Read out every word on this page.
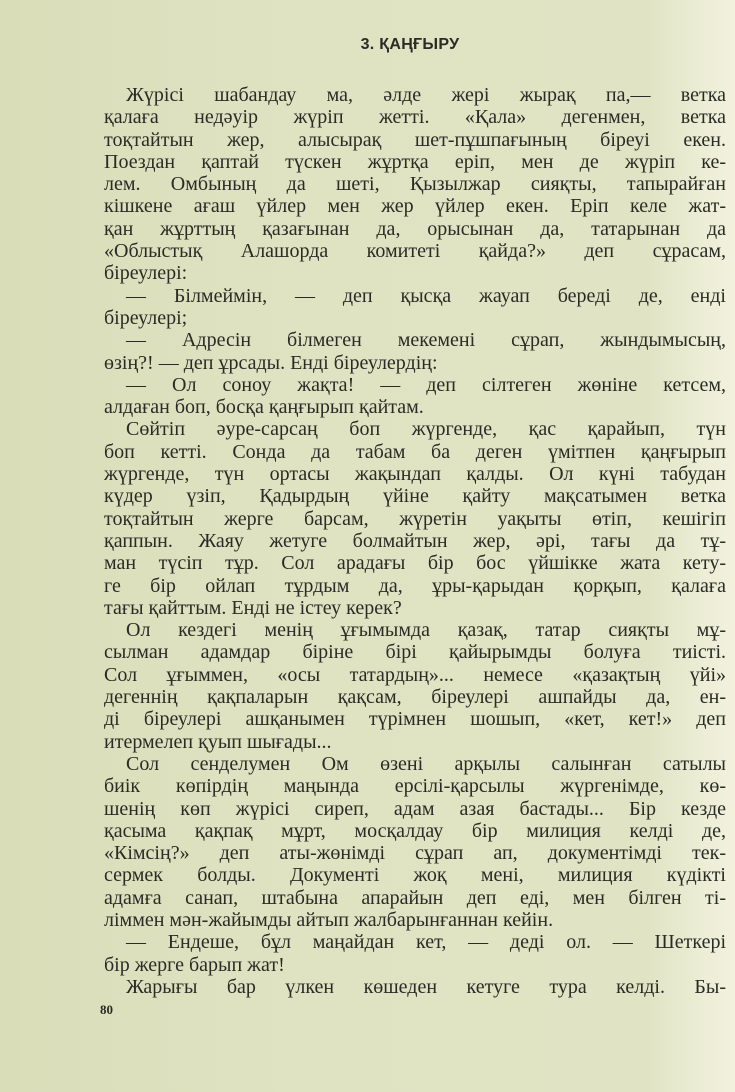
3. ҚАҢҒЫРУ
Жүрісі шабандау ма, әлде жері жырақ па,— ветка
қалаға недәуір жүріп жетті. «Қала» дегенмен, ветка
тоқтайтын жер, алысырақ шет-пұшпағының біреуі екен.
Поездан қаптай түскен жұртқа еріп, мен де жүріп ке-
лем. Омбының да шеті, Қызылжар сияқты, тапырайған
кішкене ағаш үйлер мен жер үйлер екен. Еріп келе жат-
қан жұрттың қазағынан да, орысынан да, татарынан да
«Облыстық Алашорда комитеті қайда?» деп сұрасам,
біреулері:
— Білмеймін, — деп қысқа жауап береді де, енді
біреулері;
— Адресін білмеген мекемені сұрап, жындымысың,
өзің?! — деп ұрсады. Енді біреулердің:
— Ол соноу жақта! — деп сілтеген жөніне кетсем,
алдаған боп, босқа қаңғырып қайтам.
Сөйтіп әуре-сарсаң боп жүргенде, қас қарайып, түн
боп кетті. Сонда да табам ба деген үмітпен қаңғырып
жүргенде, түн ортасы жақындап қалды. Ол күні табудан
күдер үзіп, Қадырдың үйіне қайту мақсатымен ветка
тоқтайтын жерге барсам, жүретін уақыты өтіп, кешігіп
қаппын. Жаяу жетуге болмайтын жер, әрі, тағы да тұ-
ман түсіп тұр. Сол арадағы бір бос үйшікке жата кету-
ге бір ойлап тұрдым да, ұры-қарыдан қорқып, қалаға
тағы қайттым. Енді не істеу керек?
Ол кездегі менің ұғымымда қазақ, татар сияқты мұ-
сылман адамдар біріне бірі қайырымды болуға тиісті.
Сол ұғыммен, «осы татардың»... немесе «қазақтың үйі»
дегеннің қақпаларын қақсам, біреулері ашпайды да, ен-
ді біреулері ашқанымен түрімнен шошып, «кет, кет!» деп
итермелеп қуып шығады...
Сол сенделумен Ом өзені арқылы салынған сатылы
биік көпірдің маңында ерсілі-қарсылы жүргенімде, кө-
шенің көп жүрісі сиреп, адам азая бастады... Бір кезде
қасыма қақпақ мұрт, мосқалдау бір милиция келді де,
«Кімсің?» деп аты-жөнімді сұрап ап, документімді тек-
сермек болды. Документі жоқ мені, милиция күдікті
адамға санап, штабына апарайын деп еді, мен білген ті-
ліммен мән-жайымды айтып жалбарынғаннан кейін.
— Ендеше, бұл маңайдан кет, — деді ол. — Шеткері
бір жерге барып жат!
Жарығы бар үлкен көшеден кетуге тура келді. Бы-
80
